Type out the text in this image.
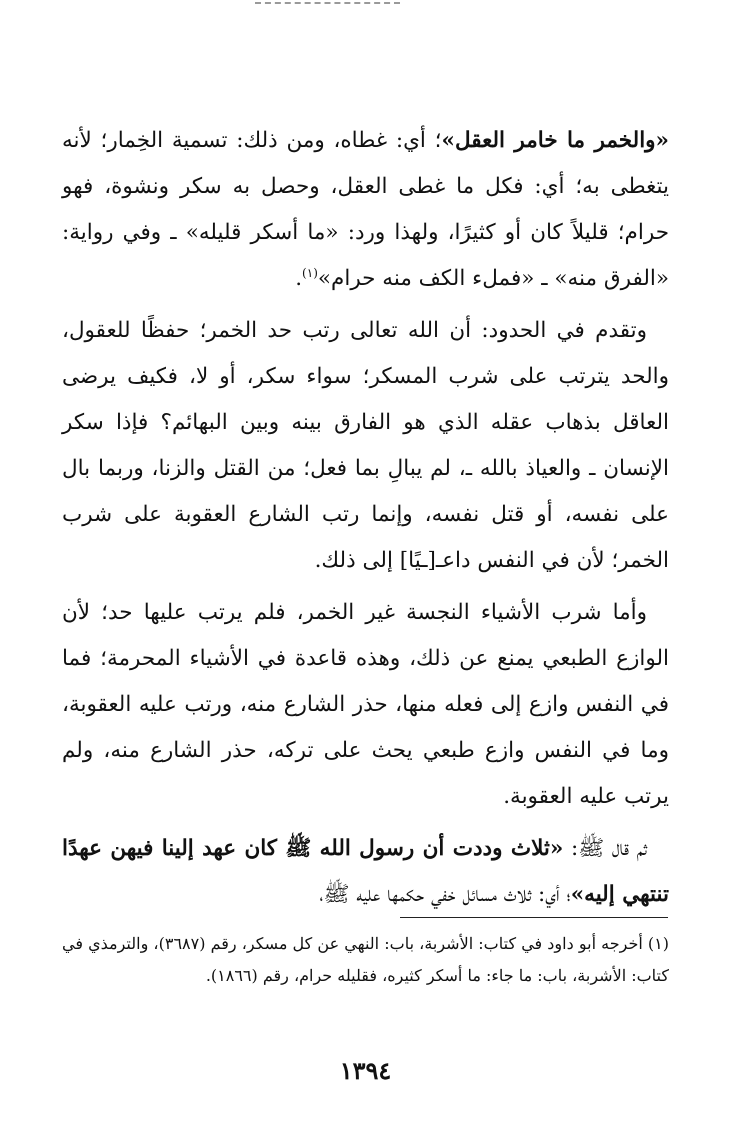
«والخمر ما خامر العقل»؛ أي: غطاه، ومن ذلك: تسمية الخِمار؛ لأنه يتغطى به؛ أي: فكل ما غطى العقل، وحصل به سكر ونشوة، فهو حرام؛ قليلاً كان أو كثيرًا، ولهذا ورد: «ما أسكر قليله» ـ وفي رواية: «الفرق منه» ـ «فملء الكف منه حرام»$^{(١)}$.

وتقدم في الحدود: أن الله تعالى رتب حد الخمر؛ حفظًا للعقول، والحد يترتب على شرب المسكر؛ سواء سكر، أو لا، فكيف يرضى العاقل بذهاب عقله الذي هو الفارق بينه وبين البهائم؟ فإذا سكر الإنسان ـ والعياذ بالله ـ، لم يبالِ بما فعل؛ من القتل والزنا، وربما بال على نفسه، أو قتل نفسه، وإنما رتب الشارع العقوبة على شرب الخمر؛ لأن في النفس داعـ[ـيًا] إلى ذلك.

وأما شرب الأشياء النجسة غير الخمر، فلم يرتب عليها حد؛ لأن الوازع الطبعي يمنع عن ذلك، وهذه قاعدة في الأشياء المحرمة؛ فما في النفس وازع إلى فعله منها، حذر الشارع منه، ورتب عليه العقوبة، وما في النفس وازع طبعي يحث على تركه، حذر الشارع منه، ولم يرتب عليه العقوبة.

ثم قال ﷺ: «ثلاث وددت أن رسول الله ﷺ كان عهد إلينا فيهن عهدًا تنتهي إليه»؛ أي: ثلاث مسائل خفي حكمها عليه ﷺ،

(١) أخرجه أبو داود في كتاب: الأشربة، باب: النهي عن كل مسكر، رقم (٣٦٨٧)، والترمذي في كتاب: الأشربة، باب: ما جاء: ما أسكر كثيره، فقليله حرام، رقم (١٨٦٦).

١٣٩٤
